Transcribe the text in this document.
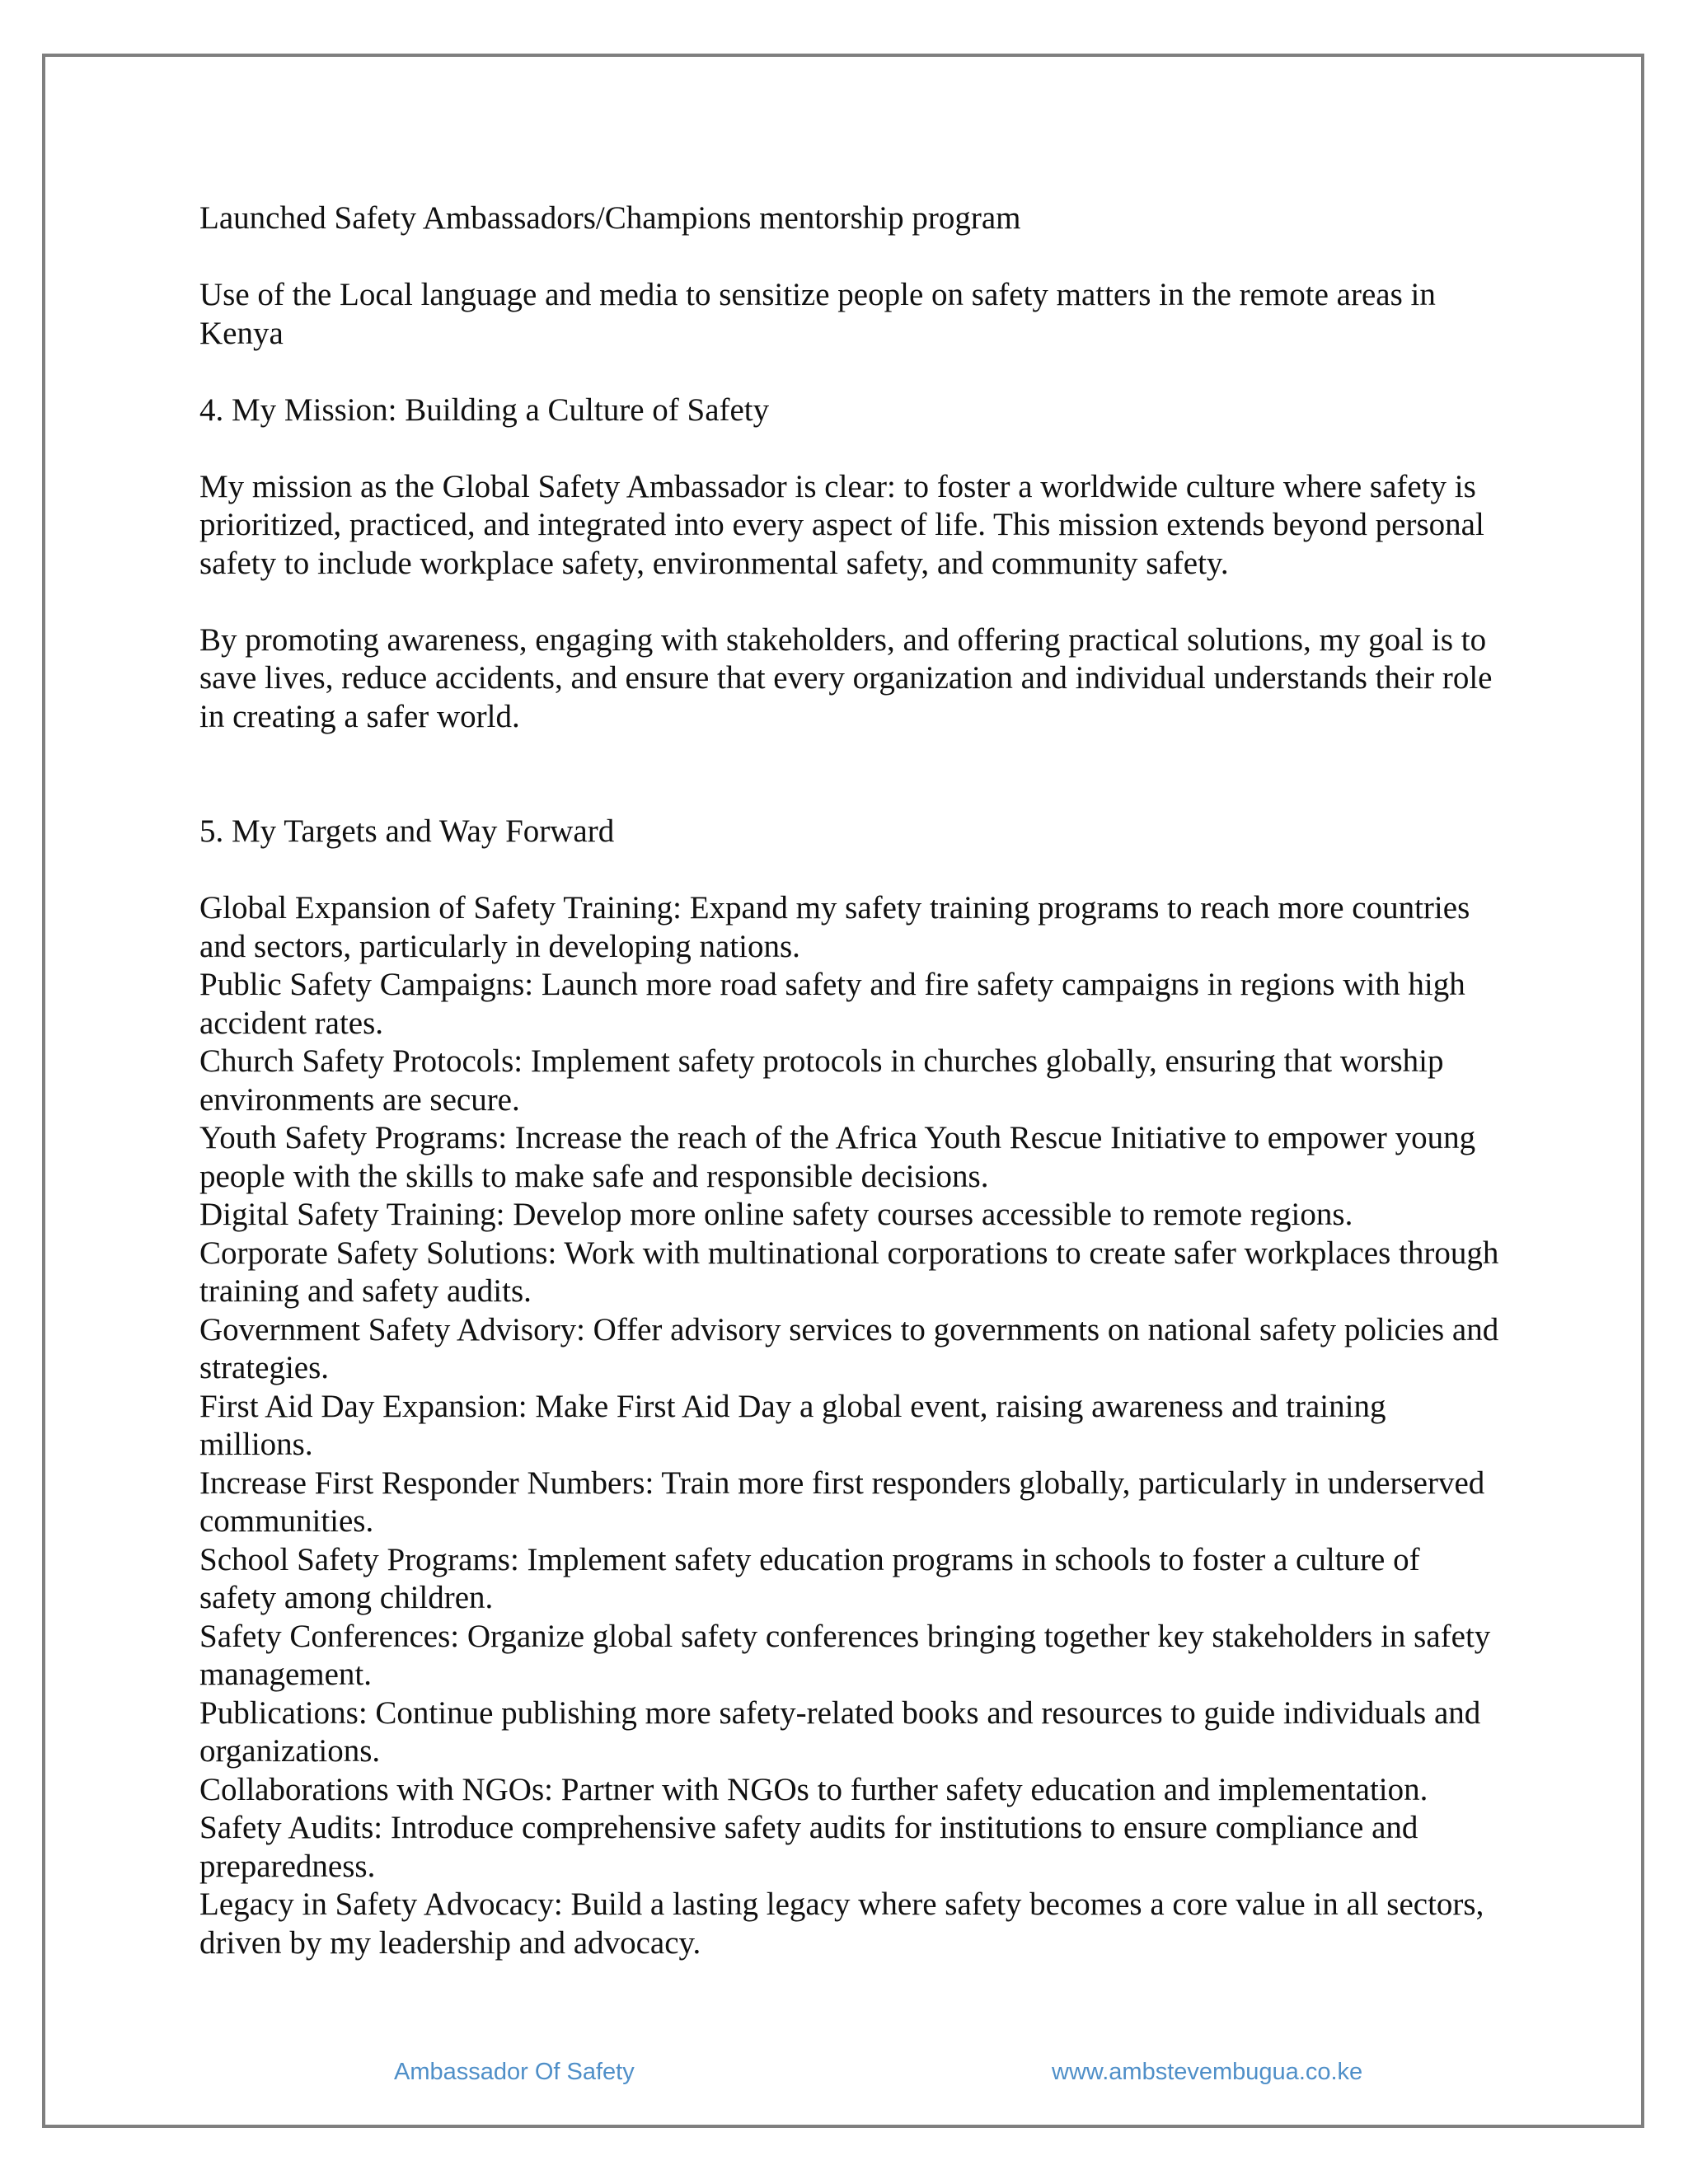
Launched Safety Ambassadors/Champions mentorship program

Use of the Local language and media to sensitize people on safety matters in the remote areas in Kenya

4. My Mission: Building a Culture of Safety

My mission as the Global Safety Ambassador is clear: to foster a worldwide culture where safety is prioritized, practiced, and integrated into every aspect of life. This mission extends beyond personal safety to include workplace safety, environmental safety, and community safety.

By promoting awareness, engaging with stakeholders, and offering practical solutions, my goal is to save lives, reduce accidents, and ensure that every organization and individual understands their role in creating a safer world.

5. My Targets and Way Forward

Global Expansion of Safety Training: Expand my safety training programs to reach more countries and sectors, particularly in developing nations.
Public Safety Campaigns: Launch more road safety and fire safety campaigns in regions with high accident rates.
Church Safety Protocols: Implement safety protocols in churches globally, ensuring that worship environments are secure.
Youth Safety Programs: Increase the reach of the Africa Youth Rescue Initiative to empower young people with the skills to make safe and responsible decisions.
Digital Safety Training: Develop more online safety courses accessible to remote regions.
Corporate Safety Solutions: Work with multinational corporations to create safer workplaces through training and safety audits.
Government Safety Advisory: Offer advisory services to governments on national safety policies and strategies.
First Aid Day Expansion: Make First Aid Day a global event, raising awareness and training millions.
Increase First Responder Numbers: Train more first responders globally, particularly in underserved communities.
School Safety Programs: Implement safety education programs in schools to foster a culture of safety among children.
Safety Conferences: Organize global safety conferences bringing together key stakeholders in safety management.
Publications: Continue publishing more safety-related books and resources to guide individuals and organizations.
Collaborations with NGOs: Partner with NGOs to further safety education and implementation.
Safety Audits: Introduce comprehensive safety audits for institutions to ensure compliance and preparedness.
Legacy in Safety Advocacy: Build a lasting legacy where safety becomes a core value in all sectors, driven by my leadership and advocacy.
Ambassador Of Safety	www.ambstevembugua.co.ke
